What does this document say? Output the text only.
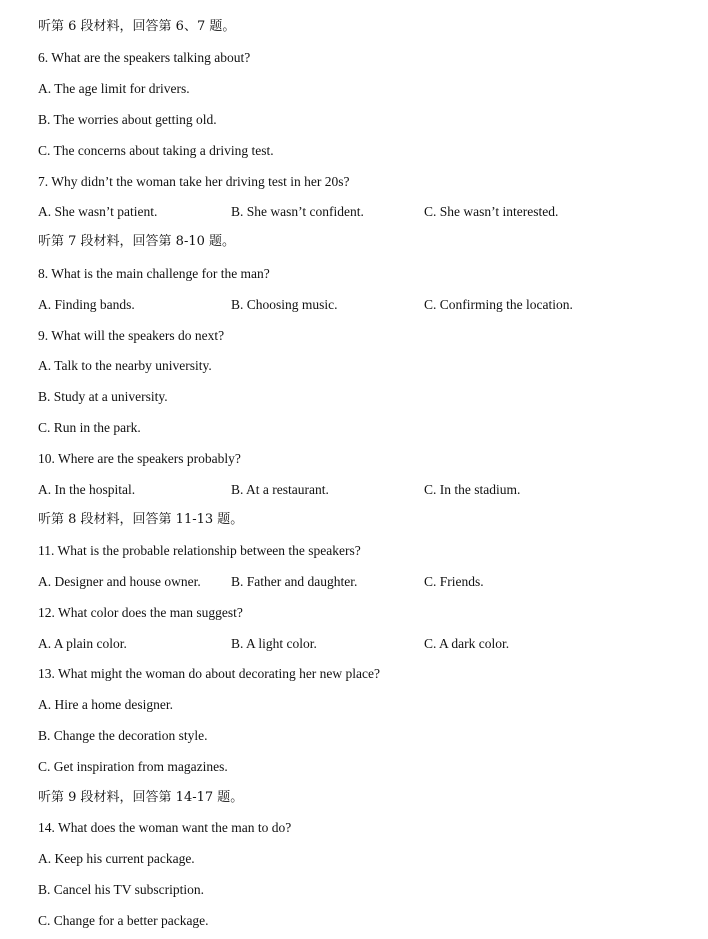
听第 6 段材料，回答第 6、7 题。
6. What are the speakers talking about?
A. The age limit for drivers.
B. The worries about getting old.
C. The concerns about taking a driving test.
7. Why didn’t the woman take her driving test in her 20s?
A. She wasn’t patient.	B. She wasn’t confident.	C. She wasn’t interested.
听第 7 段材料，回答第 8-10 题。
8. What is the main challenge for the man?
A. Finding bands.	B. Choosing music.	C. Confirming the location.
9. What will the speakers do next?
A. Talk to the nearby university.
B. Study at a university.
C. Run in the park.
10. Where are the speakers probably?
A. In the hospital.	B. At a restaurant.	C. In the stadium.
听第 8 段材料，回答第 11-13 题。
11. What is the probable relationship between the speakers?
A. Designer and house owner. B. Father and daughter.	C. Friends.
12. What color does the man suggest?
A. A plain color.	B. A light color.	C. A dark color.
13. What might the woman do about decorating her new place?
A. Hire a home designer.
B. Change the decoration style.
C. Get inspiration from magazines.
听第 9 段材料，回答第 14-17 题。
14. What does the woman want the man to do?
A. Keep his current package.
B. Cancel his TV subscription.
C. Change for a better package.
